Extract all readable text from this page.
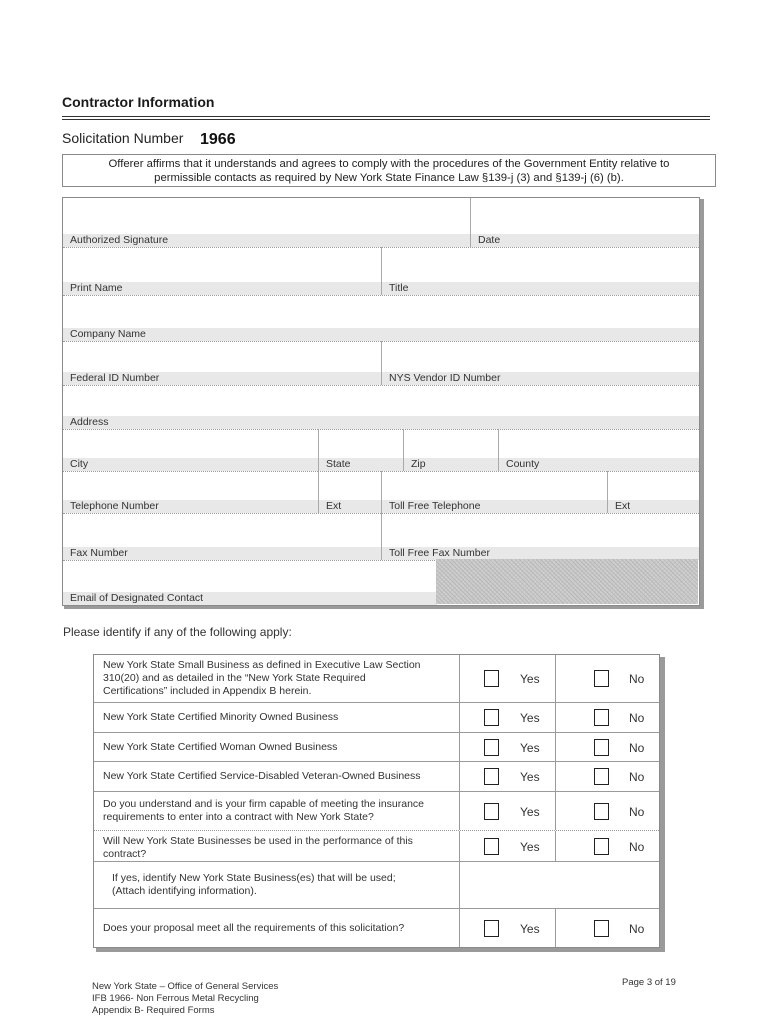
Contractor Information
Solicitation Number 1966
Offerer affirms that it understands and agrees to comply with the procedures of the Government Entity relative to
permissible contacts as required by New York State Finance Law §139-j (3) and §139-j (6) (b).
Authorized Signature	Date
Print Name	Title
Company Name
Federal ID Number	NYS Vendor ID Number
Address
City	State	Zip	County
Telephone Number	Ext	Toll Free Telephone	Ext
Fax Number	Toll Free Fax Number
Email of Designated Contact
Please identify if any of the following apply:
New York State Small Business as defined in Executive Law Section
310(20) and as detailed in the “New York State Required
Certifications” included in Appendix B herein.
Yes	No
New York State Certified Minority Owned Business	Yes	No
New York State Certified Woman Owned Business	Yes	No
New York State Certified Service-Disabled Veteran-Owned Business	Yes	No
Do you understand and is your firm capable of meeting the insurance
requirements to enter into a contract with New York State?	Yes	No
Will New York State Businesses be used in the performance of this
contract?	Yes	No
If yes, identify New York State Business(es) that will be used;
(Attach identifying information).
Does your proposal meet all the requirements of this solicitation?	Yes	No
New York State – Office of General Services
IFB 1966- Non Ferrous Metal Recycling
Appendix B- Required Forms
Page 3 of 19
